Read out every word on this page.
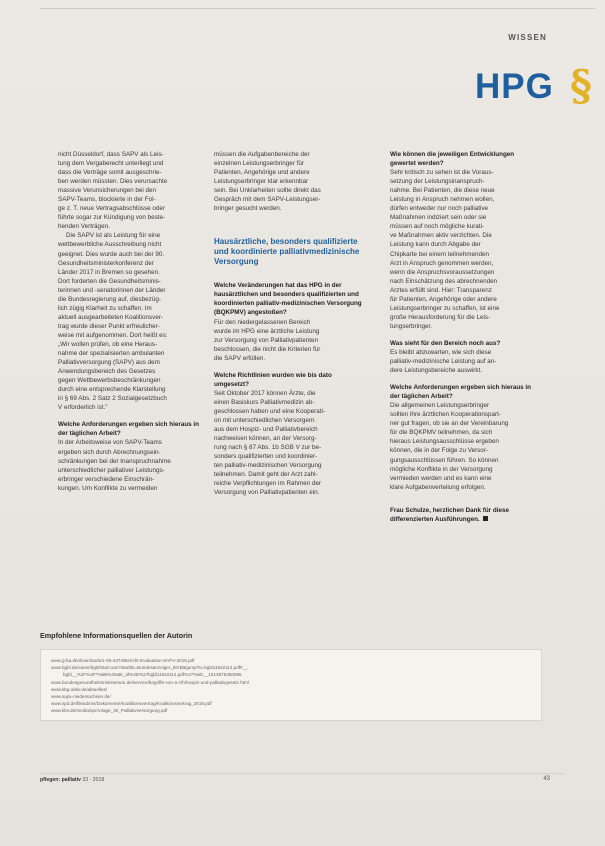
WISSEN
HPG §
nicht Düsseldorf, dass SAPV als Leis-
tung dem Vergaberecht unterliegt und
dass die Verträge somit ausgeschrie-
ben werden müssten. Dies verursachte
massive Verunsicherungen bei den
SAPV-Teams, blockierte in der Fol-
ge z. T. neue Vertragsabschlüsse oder
führte sogar zur Kündigung von beste-
henden Verträgen.
Die SAPV ist als Leistung für eine
wettbewerbliche Ausschreibung nicht
geeignet. Dies wurde auch bei der 90.
Gesundheitsministerkonferenz der
Länder 2017 in Bremen so gesehen.
Dort forderten die Gesundheitsminis-
terinnen und -senatorinnen der Länder
die Bundesregierung auf, diesbezüg-
lich zügig Klarheit zu schaffen. Im
aktuell ausgearbeiteten Koalitionsver-
trag wurde dieser Punkt erfreulicher-
weise mit aufgenommen. Dort heißt es:
„Wir wollen prüfen, ob eine Heraus-
nahme der spezialisierten ambulanten
Palliativversorgung (SAPV) aus dem
Anwendungsbereich des Gesetzes
gegen Wettbewerbsbeschränkungen
durch eine entsprechende Klarstellung
in § 69 Abs. 2 Satz 2 Sozialgesetzbuch
V erforderlich ist."

Welche Anforderungen ergeben sich hieraus in der täglichen Arbeit?

In der Arbeitsweise von SAPV-Teams
ergeben sich durch Abrechnungsein-
schränkungen bei der Inanspruchnahme
unterschiedlicher palliativer Leistungs-
erbringer verschiedene Einschrän-
kungen. Um Konflikte zu vermeiden
müssen die Aufgabenbereiche der
einzelnen Leistungserbringer für
Patienten, Angehörige und andere
Leistungserbringer klar erkennbar
sein. Bei Unklarheiten sollte direkt das
Gespräch mit dem SAPV-Leistungser-
bringer gesucht werden.

Hausärztliche, besonders qualifizierte und koordinierte palliativmedizinische Versorgung

Welche Veränderungen hat das HPG in der hausärztlichen und besonders qualifizierten und koordinierten palliativ-medizinischen Versorgung (BQKPMV) angestoßen?

Für den niedergelassenen Bereich
wurde im HPG eine ärztliche Leistung
zur Versorgung von Palliativpatienten
beschlossen, die nicht die Kriterien für
die SAPV erfüllen.

Welche Richtlinien wurden wie bis dato umgesetzt?

Seit Oktober 2017 können Ärzte, die
einen Basiskurs Palliativmedizin ab-
geschlossen haben und eine Kooperati-
on mit unterschiedlichen Versorgern
aus dem Hospiz- und Palliativbereich
nachweisen können, an der Versorg-
rung nach § 87 Abs. 1b SGB V zur be-
sonders qualifizierten und koordinier-
ten palliativ-medizinischen Versorgung
teilnehmen. Damit geht der Arzt zahl-
reiche Verpflichtungen im Rahmen der
Versorgung von Palliativpatienten ein.

Wie können die jeweiligen Entwicklungen gewertet werden?

Sehr kritisch zu sehen ist die Voraus-
setzung der Leistungsinanspruch-
nahme. Bei Patienten, die diese neue
Leistung in Anspruch nehmen wollen,
dürfen entweder nur noch palliative
Maßnahmen indiziert sein oder sie
müssen auf noch mögliche kurati-
ve Maßnahmen aktiv verzichten. Die
Leistung kann durch Abgabe der
Chipkarte bei einem teilnehmenden
Arzt in Anspruch genommen werden,
wenn die Anspruchsvoraussetzungen
nach Einschätzung des abrechnenden
Arztes erfüllt sind. Hier: Transparenz
für Patienten, Angehörige oder andere
Leistungserbringer zu schaffen, ist eine
große Herausforderung für die Leis-
tungserbringer.

Was sieht für den Bereich noch aus?

Es bleibt abzuwarten, wie sich diese
palliativ-medizinische Leistung auf an-
dere Leistungsbereiche auswirkt.

Welche Anforderungen ergeben sich hieraus in der täglichen Arbeit?

Die allgemeinen Leistungserbringer
sollten ihre ärztlichen Kooperationspart-
ner gut fragen, ob sie an der Vereinbarung
für die BQKPMV teilnehmen, da sich
hieraus Leistungsausschlüsse ergeben
können, die in der Folge zu Versor-
gungsausschlüssen führen. So können
mögliche Konflikte in der Versorgung
vermieden werden und es kann eine
klare Aufgabenverteilung erfolgen.

Frau Schulze, herzlichen Dank für diese differenzierten Ausführungen.

Empfohlene Informationsquellen der Autorin
www.g-ba.de/downloads/1-96-4474/Bericht-Evaluation-SAPV-2016.pdf
www.bgbl.de/xaver/bgbl/start.xav?startbk=Bundesanzeiger_BGBl&jumpTo=bgbl115s2114.pdf#__
bgbl__%2F%2F*%5B%40attr_id%3D%27bgbl115s2114.pdf%27%5D__1513875350595
www.bundesgesundheitsministerium.de/service/begriffe-von-a-z/h/hospiz-und-palliativgesetz.html
www.kbg-aktiv.de/aktuelles/
www.sapv-niedersachsen.de/
www.spd.de/fileadmin/Dokumente/Koalitionsvertrag/Koalitionsvertrag_2018.pdf
www.kbv.de/media/sp/Anlage_30_Palliativversorgung.pdf
pflegen: palliativ 33 · 2018	43
